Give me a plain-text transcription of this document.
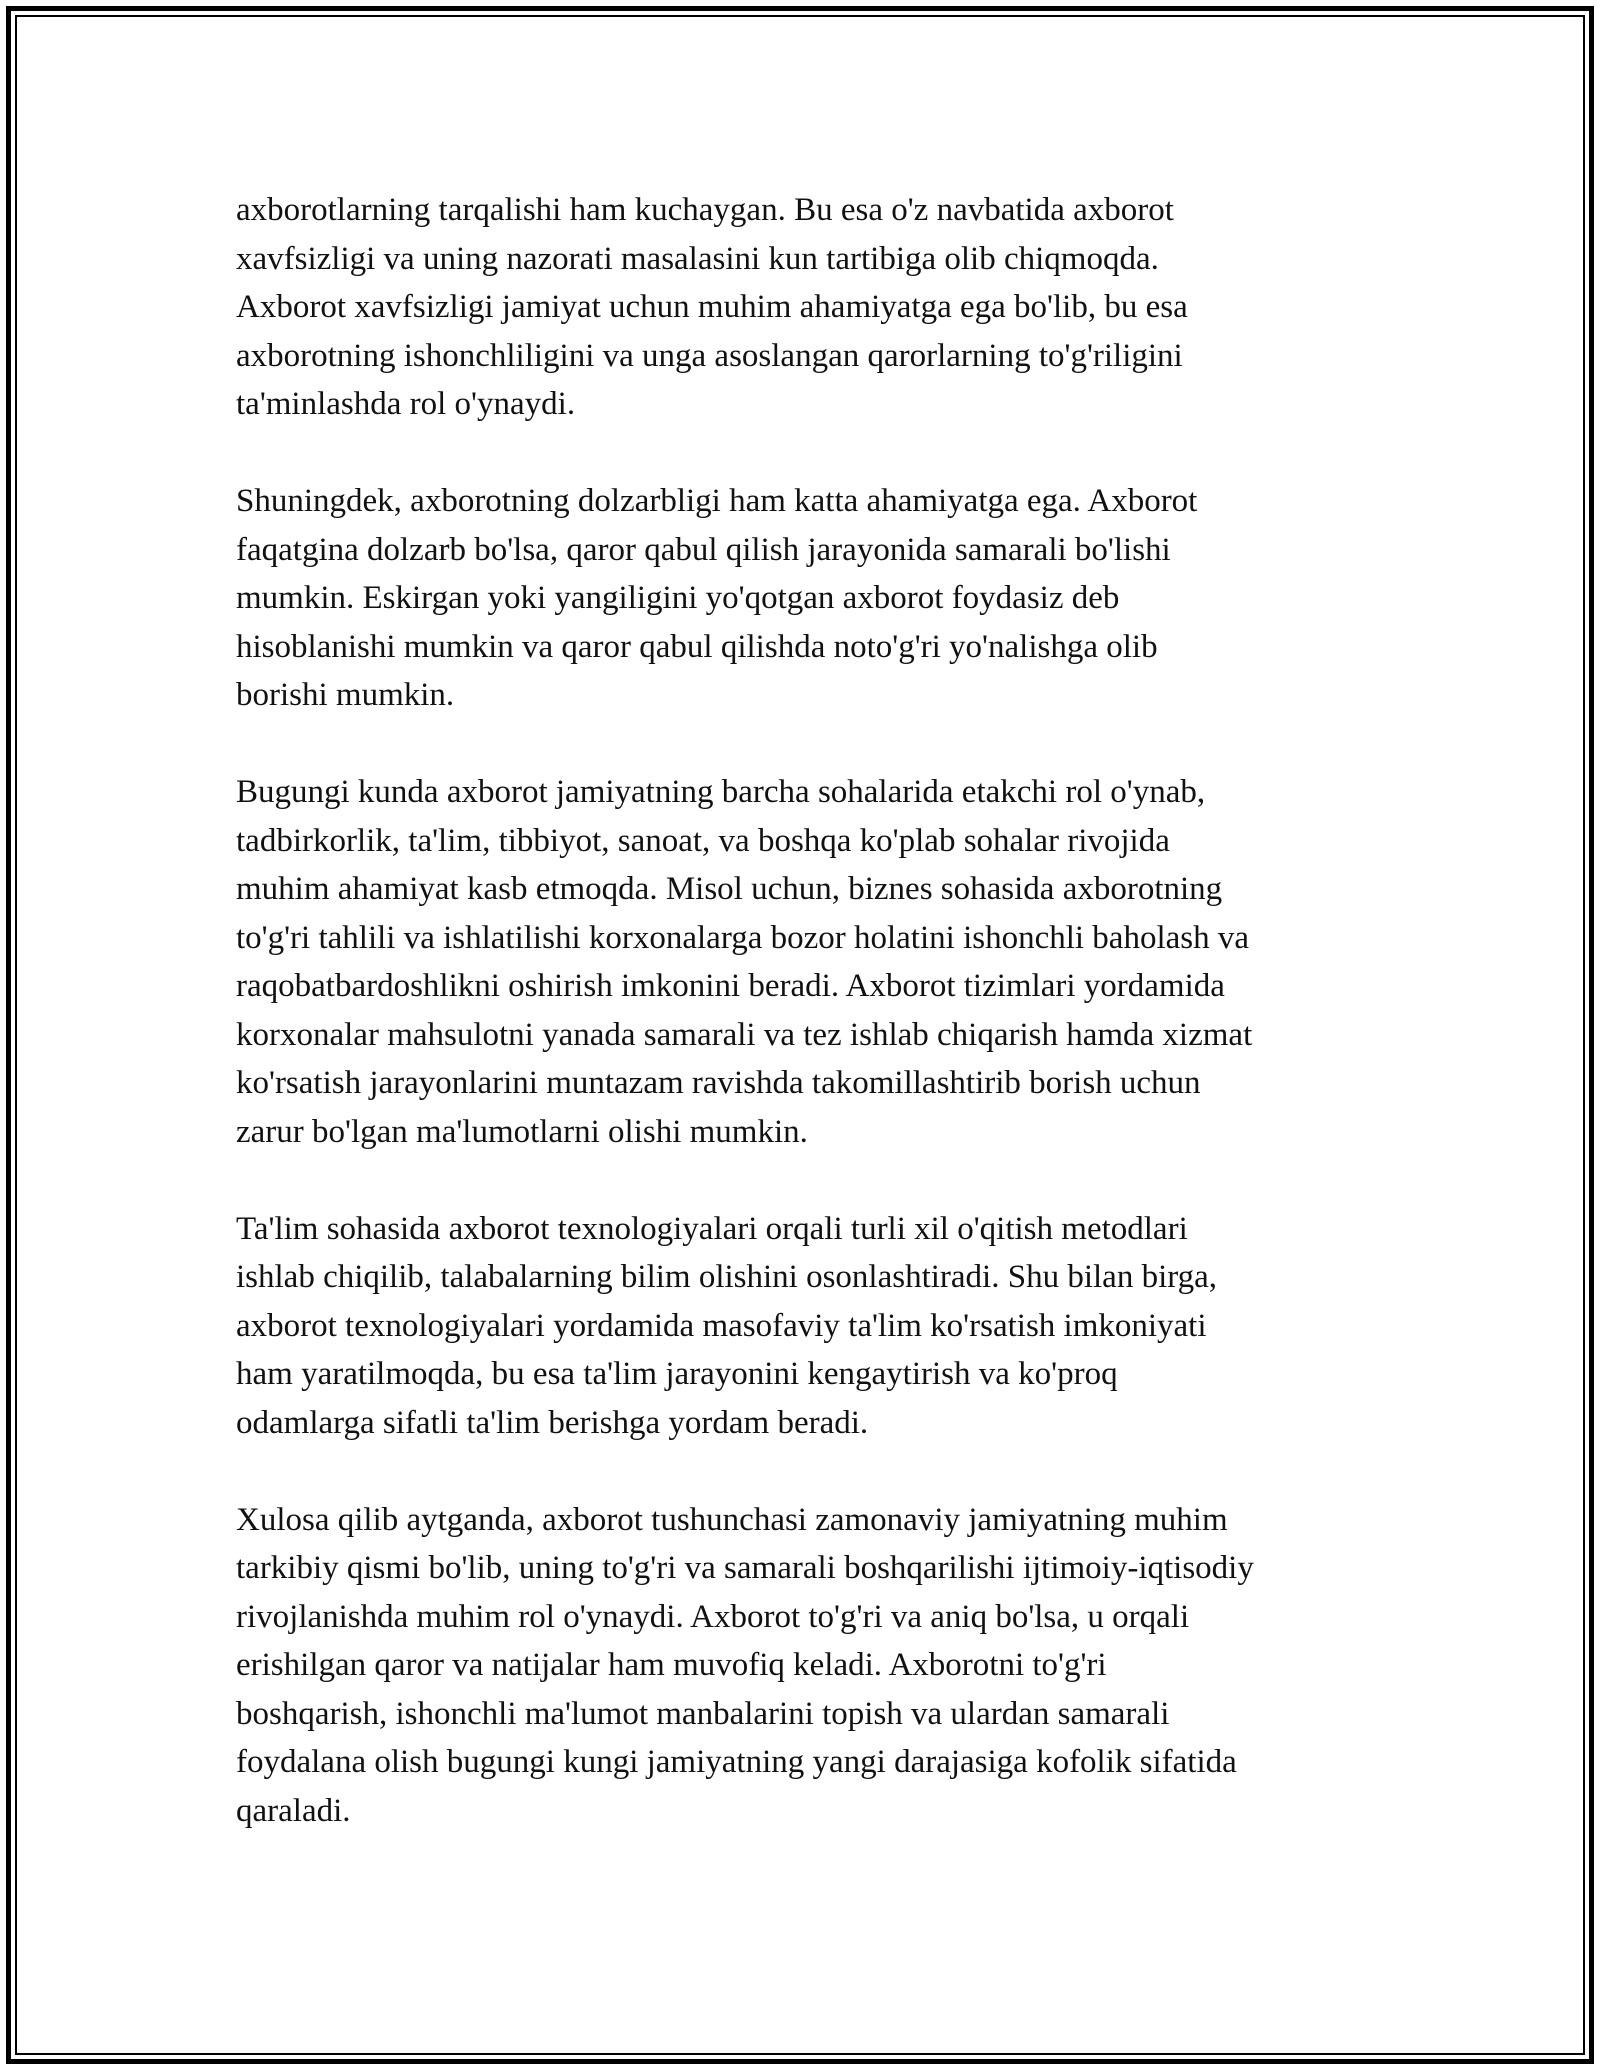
axborotlarning tarqalishi ham kuchaygan. Bu esa o'z navbatida axborot
xavfsizligi va uning nazorati masalasini kun tartibiga olib chiqmoqda.
Axborot xavfsizligi jamiyat uchun muhim ahamiyatga ega bo'lib, bu esa
axborotning ishonchliligini va unga asoslangan qarorlarning to'g'riligini
ta'minlashda rol o'ynaydi.

Shuningdek, axborotning dolzarbligi ham katta ahamiyatga ega. Axborot
faqatgina dolzarb bo'lsa, qaror qabul qilish jarayonida samarali bo'lishi
mumkin. Eskirgan yoki yangiligini yo'qotgan axborot foydasiz deb
hisoblanishi mumkin va qaror qabul qilishda noto'g'ri yo'nalishga olib
borishi mumkin.

Bugungi kunda axborot jamiyatning barcha sohalarida etakchi rol o'ynab,
tadbirkorlik, ta'lim, tibbiyot, sanoat, va boshqa ko'plab sohalar rivojida
muhim ahamiyat kasb etmoqda. Misol uchun, biznes sohasida axborotning
to'g'ri tahlili va ishlatilishi korxonalarga bozor holatini ishonchli baholash va
raqobatbardoshlikni oshirish imkonini beradi. Axborot tizimlari yordamida
korxonalar mahsulotni yanada samarali va tez ishlab chiqarish hamda xizmat
ko'rsatish jarayonlarini muntazam ravishda takomillashtirib borish uchun
zarur bo'lgan ma'lumotlarni olishi mumkin.

Ta'lim sohasida axborot texnologiyalari orqali turli xil o'qitish metodlari
ishlab chiqilib, talabalarning bilim olishini osonlashtiradi. Shu bilan birga,
axborot texnologiyalari yordamida masofaviy ta'lim ko'rsatish imkoniyati
ham yaratilmoqda, bu esa ta'lim jarayonini kengaytirish va ko'proq
odamlarga sifatli ta'lim berishga yordam beradi.

Xulosa qilib aytganda, axborot tushunchasi zamonaviy jamiyatning muhim
tarkibiy qismi bo'lib, uning to'g'ri va samarali boshqarilishi ijtimoiy-iqtisodiy
rivojlanishda muhim rol o'ynaydi. Axborot to'g'ri va aniq bo'lsa, u orqali
erishilgan qaror va natijalar ham muvofiq keladi. Axborotni to'g'ri
boshqarish, ishonchli ma'lumot manbalarini topish va ulardan samarali
foydalana olish bugungi kungi jamiyatning yangi darajasiga kofolik sifatida
qaraladi.
